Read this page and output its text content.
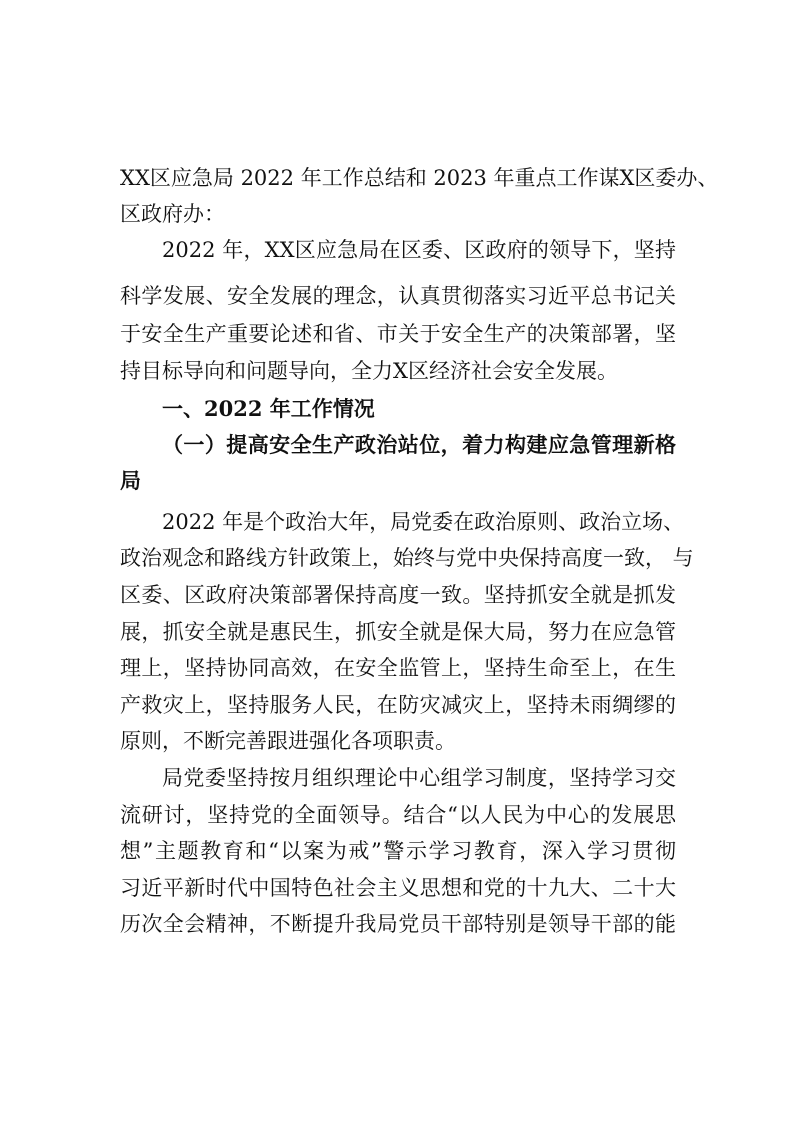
XX区应急局 2022 年工作总结和 2023 年重点工作谋X区委办、
区政府办：
2022 年，XX区应急局在区委、区政府的领导下，坚持
科学发展、安全发展的理念，认真贯彻落实习近平总书记关
于安全生产重要论述和省、市关于安全生产的决策部署，坚
持目标导向和问题导向，全力X区经济社会安全发展。
一、2022 年工作情况
（一）提高安全生产政治站位，着力构建应急管理新格
局
2022 年是个政治大年，局党委在政治原则、政治立场、
政治观念和路线方针政策上，始终与党中央保持高度一致， 与
区委、区政府决策部署保持高度一致。坚持抓安全就是抓发
展，抓安全就是惠民生，抓安全就是保大局，努力在应急管
理上，坚持协同高效，在安全监管上，坚持生命至上，在生
产救灾上，坚持服务人民，在防灾减灾上，坚持未雨绸缪的
原则，不断完善跟进强化各项职责。
局党委坚持按月组织理论中心组学习制度，坚持学习交
流研讨，坚持党的全面领导。结合“以人民为中心的发展思
想”主题教育和“以案为戒”警示学习教育，深入学习贯彻
习近平新时代中国特色社会主义思想和党的十九大、二十大
历次全会精神，不断提升我局党员干部特别是领导干部的能
